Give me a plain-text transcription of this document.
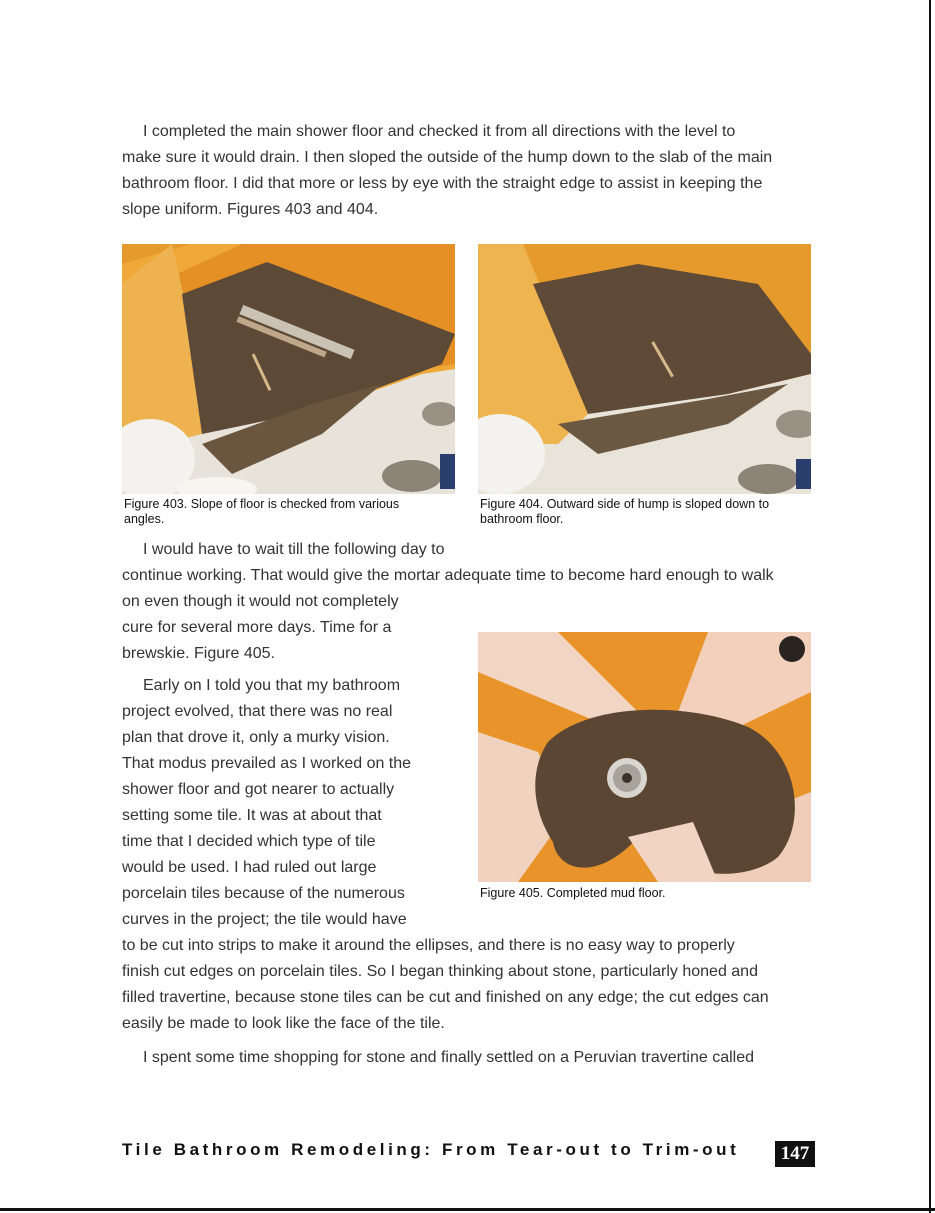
I completed the main shower floor and checked it from all directions with the level to
make sure it would drain. I then sloped the outside of the hump down to the slab of the main
bathroom floor. I did that more or less by eye with the straight edge to assist in keeping the
slope uniform. Figures 403 and 404.
Figure 403. Slope of floor is checked from various
angles.
Figure 404. Outward side of hump is sloped down to
bathroom floor.
I would have to wait till the following day to
continue working. That would give the mortar adequate time to become hard enough to walk
on even though it would not completely
cure for several more days. Time for a
brewskie. Figure 405.
Figure 405. Completed mud floor.
Early on I told you that my bathroom
project evolved, that there was no real
plan that drove it, only a murky vision.
That modus prevailed as I worked on the
shower floor and got nearer to actually
setting some tile. It was at about that
time that I decided which type of tile
would be used. I had ruled out large
porcelain tiles because of the numerous
curves in the project; the tile would have
to be cut into strips to make it around the ellipses, and there is no easy way to properly
finish cut edges on porcelain tiles. So I began thinking about stone, particularly honed and
filled travertine, because stone tiles can be cut and finished on any edge; the cut edges can
easily be made to look like the face of the tile.
I spent some time shopping for stone and finally settled on a Peruvian travertine called
Tile Bathroom Remodeling: From Tear-out to Trim-out	147
